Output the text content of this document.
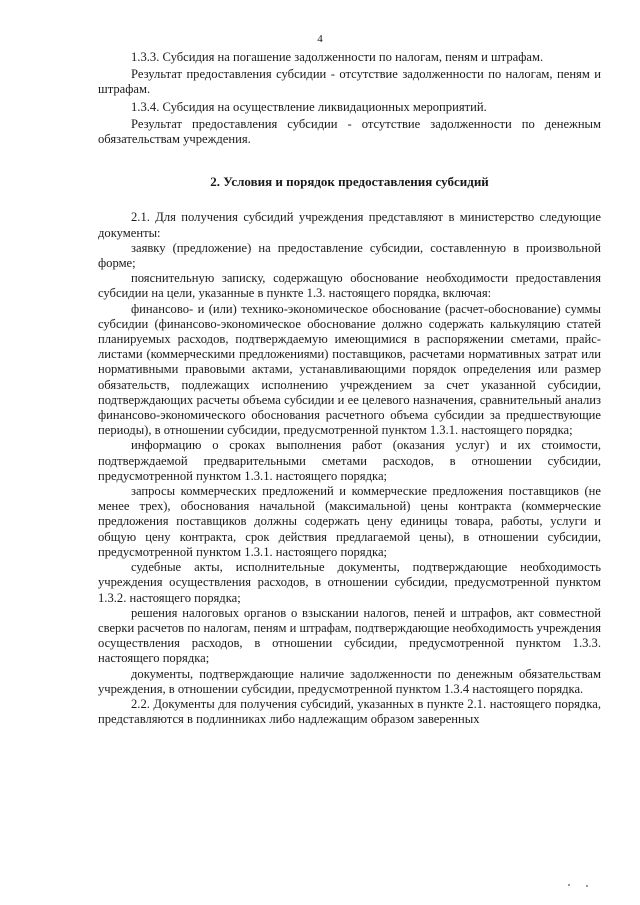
4

1.3.3. Субсидия на погашение задолженности по налогам, пеням и штрафам.

Результат предоставления субсидии - отсутствие задолженности по налогам, пеням и штрафам.

1.3.4. Субсидия на осуществление ликвидационных мероприятий.

Результат предоставления субсидии - отсутствие задолженности по денежным обязательствам учреждения.

2. Условия и порядок предоставления субсидий

2.1. Для получения субсидий учреждения представляют в министерство следующие документы:

заявку (предложение) на предоставление субсидии, составленную в произвольной форме;

пояснительную записку, содержащую обоснование необходимости предоставления субсидии на цели, указанные в пункте 1.3. настоящего порядка, включая:

финансово- и (или) технико-экономическое обоснование (расчет-обоснование) суммы субсидии (финансово-экономическое обоснование должно содержать калькуляцию статей планируемых расходов, подтверждаемую имеющимися в распоряжении сметами, прайс-листами (коммерческими предложениями) поставщиков, расчетами нормативных затрат или нормативными правовыми актами, устанавливающими порядок определения или размер обязательств, подлежащих исполнению учреждением за счет указанной субсидии, подтверждающих расчеты объема субсидии и ее целевого назначения, сравнительный анализ финансово-экономического обоснования расчетного объема субсидии за предшествующие периоды), в отношении субсидии, предусмотренной пунктом 1.3.1. настоящего порядка;

информацию о сроках выполнения работ (оказания услуг) и их стоимости, подтверждаемой предварительными сметами расходов, в отношении субсидии, предусмотренной пунктом 1.3.1. настоящего порядка;

запросы коммерческих предложений и коммерческие предложения поставщиков (не менее трех), обоснования начальной (максимальной) цены контракта (коммерческие предложения поставщиков должны содержать цену единицы товара, работы, услуги и общую цену контракта, срок действия предлагаемой цены), в отношении субсидии, предусмотренной пунктом 1.3.1. настоящего порядка;

судебные акты, исполнительные документы, подтверждающие необходимость учреждения осуществления расходов, в отношении субсидии, предусмотренной пунктом 1.3.2. настоящего порядка;

решения налоговых органов о взыскании налогов, пеней и штрафов, акт совместной сверки расчетов по налогам, пеням и штрафам, подтверждающие необходимость учреждения осуществления расходов, в отношении субсидии, предусмотренной пунктом 1.3.3. настоящего порядка;

документы, подтверждающие наличие задолженности по денежным обязательствам учреждения, в отношении субсидии, предусмотренной пунктом 1.3.4 настоящего порядка.

2.2. Документы для получения субсидий, указанных в пункте 2.1. настоящего порядка, представляются в подлинниках либо надлежащим образом заверенных
